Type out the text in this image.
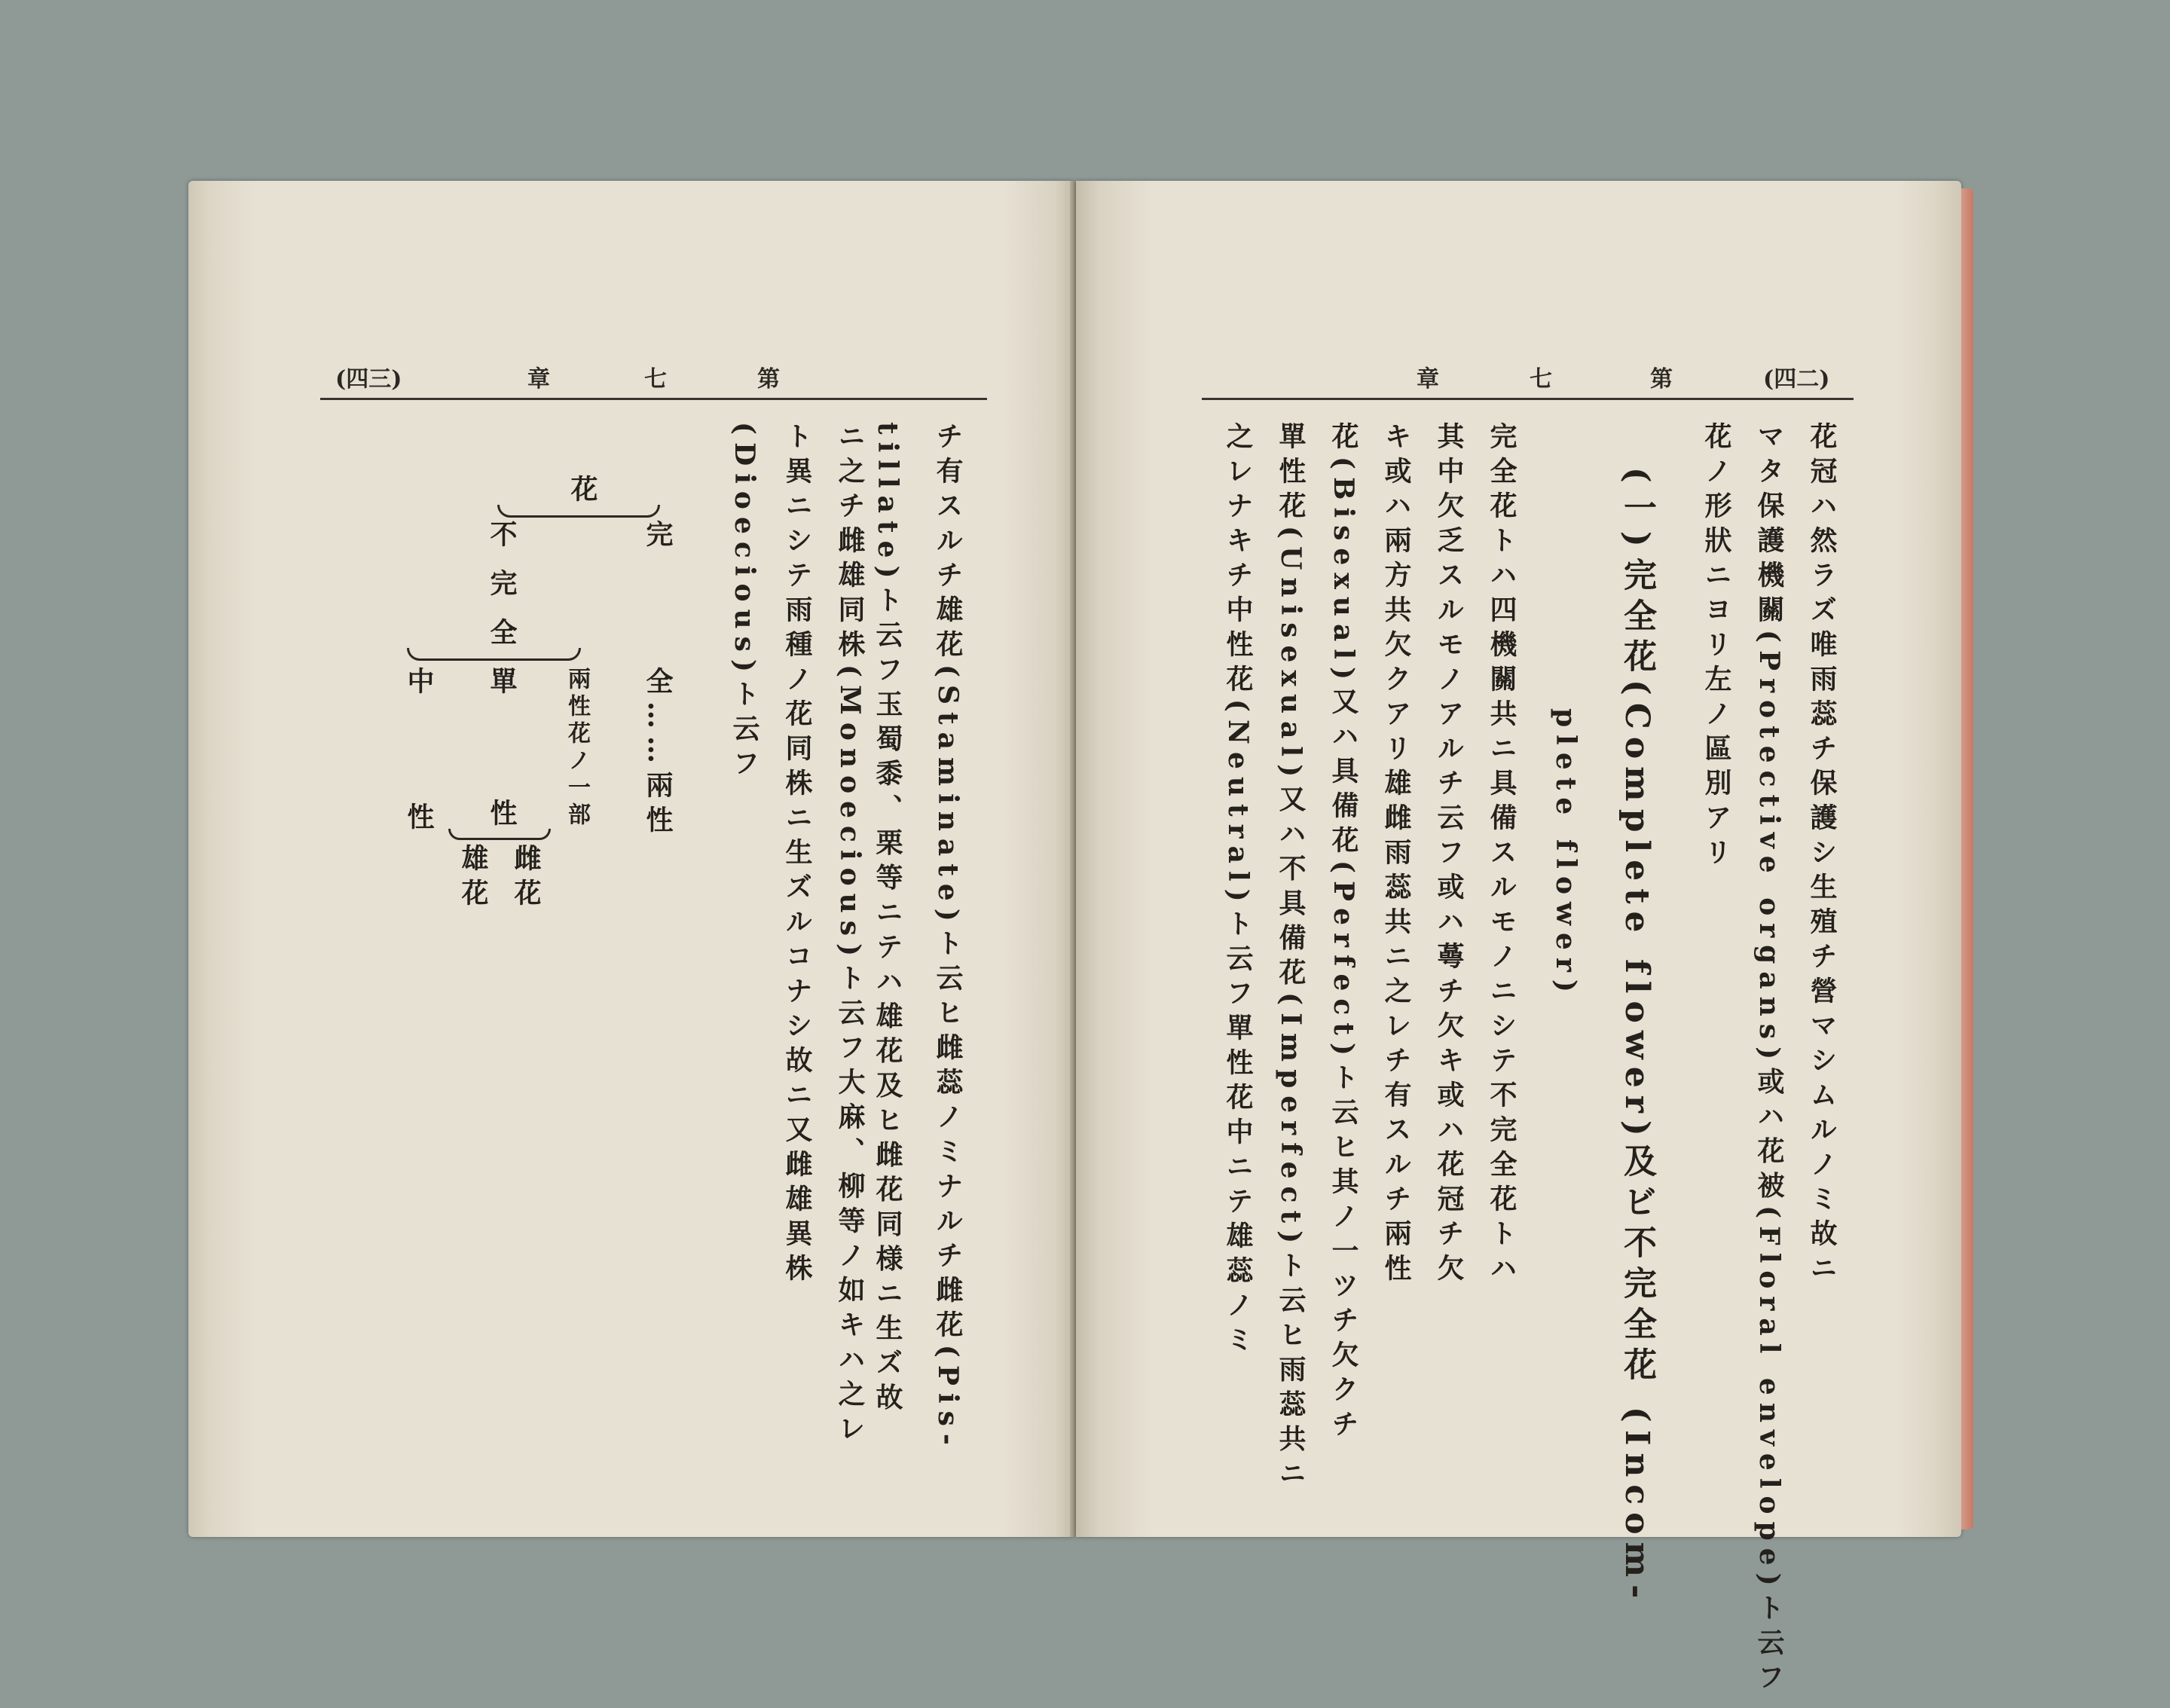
(四三)	章	七	第
チ有スルチ雄花(Staminate)ト云ヒ雌蕊ノミナルチ雌花(Pis-
tillate)ト云フ玉蜀黍、栗等ニテハ雄花及ヒ雌花同様ニ生ズ故
ニ之チ雌雄同株(Monoecious)ト云フ大麻、柳等ノ如キハ之レ
ト異ニシテ雨種ノ花同株ニ生ズルコナシ故ニ又雌雄異株
(Dioecious)ト云フ
花
完
全……兩性
不
完
全
兩性花ノ一部
單
性
雌花
雄花
中
性
章	七	第	(四二)
花冠ハ然ラズ唯雨蕊チ保護シ生殖チ營マシムルノミ故ニ
マタ保護機關(Protective organs)或ハ花被(Floral envelope)ト云フ
花ノ形狀ニヨリ左ノ區別アリ
(一)
完全花(Complete flower)及ビ不完全花 (Incom-
plete flower)
完全花トハ四機關共ニ具備スルモノニシテ不完全花トハ
其中欠乏スルモノアルチ云フ或ハ蕚チ欠キ或ハ花冠チ欠
キ或ハ兩方共欠クアリ雄雌雨蕊共ニ之レチ有スルチ兩性
花(Bisexual)又ハ具備花(Perfect)ト云ヒ其ノ一ツチ欠クチ
單性花(Unisexual)又ハ不具備花(Imperfect)ト云ヒ雨蕊共ニ
之レナキチ中性花(Neutral)ト云フ單性花中ニテ雄蕊ノミ
